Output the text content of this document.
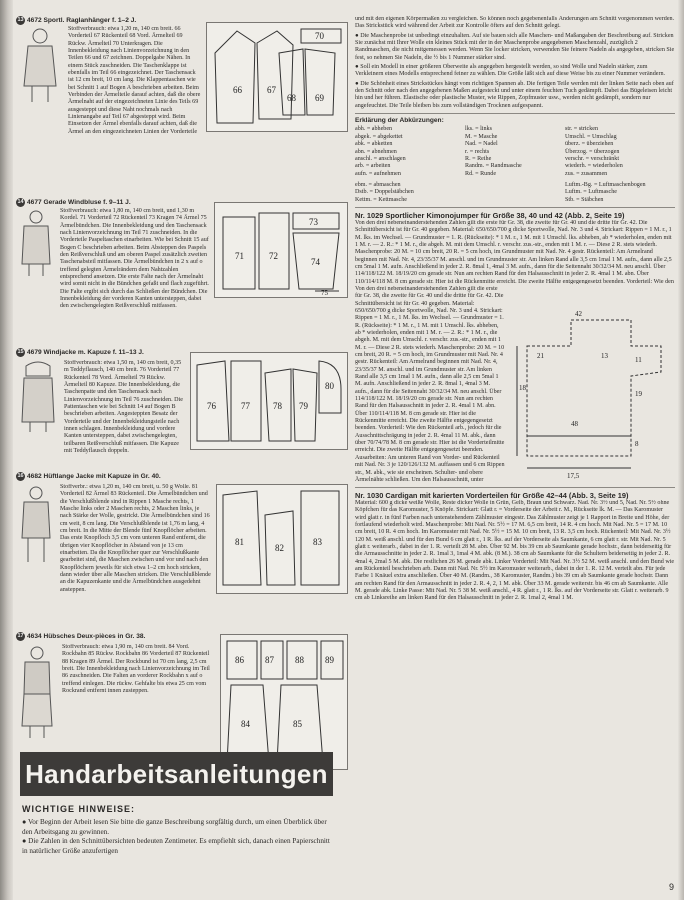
13 4672 Sportl. Raglanhänger f. 1–2 J.
Stoffverbrauch: etwa 1,20 m, 140 cm breit. 66 Vorderteil 67 Rückenteil 68 Vord. Ärmelteil 69 Rückw. Ärmelteil 70 Unterkragen. Die Innenbekleidung nach Linienvorzeichnung in den Teilen 66 und 67 zeichnen. Doppelgabe Nähen. In einem Stück zuschneiden. Die Taschenklappe ist ebenfalls im Teil 66 eingezeichnet. Der Taschensack ist 12 cm breit, 10 cm lang. Die Klappentaschen wie bei Schnitt 1 auf Bogen A beschrieben arbeiten. Beim Verbinden der Ärmelteile darauf achten, daß die obere Ärmelnaht auf der eingezeichneten Linie des Teils 69 ausgesteppt und diese Naht nochmals nach Linienangabe auf Teil 67 abgesteppt wird. Beim Einsetzen der Ärmel ebenfalls darauf achten, daß die Ärmel an den eingezeichneten Linien der Vorderteile
66	67
68 69
70
14 4677 Gerade Windbluse f. 9–11 J.
Stoffverbrauch: etwa 1,80 m, 140 cm breit, und 1,30 m Kordel. 71 Vorderteil 72 Rückenteil 73 Kragen 74 Ärmel 75 Ärmelbündchen. Die Innenbekleidung und den Taschensack nach Linienvorzeichnung im Teil 71 zuschneiden. In die Vorderteile Paspeltaschen einarbeiten. Wie bei Schnitt 15 auf Bogen C beschrieben arbeiten. Beim Absteppen des Paspels den Reißverschluß und am oberen Paspel zusätzlich zweiten Taschenabsteil mitfassen. Die Ärmelbündchen in 2 x auf o treffend gelegten Ärmelrändern dem Nahtzahlen entsprechend ansetzen. Die erste Falte nach der Ärmelnaht wird somit nicht in die Bündchen gefaßt und flach zugeführt. Die Falte ergibt sich durch das Schließen der Bündchen. Die Innenbekleidung der vorderen Kanten untersteppen, dabei den zwischengelegten Reißverschluß mitfassen.
71	72
73
74
75
15 4679 Windjacke m. Kapuze f. 11–13 J.
Stoffverbrauch: etwa 1,50 m, 140 cm breit, 0,35 m Teddyflausch, 140 cm breit. 76 Vorderteil 77 Rückenteil 78 Vord. Ärmelteil 79 Rückw. Ärmelteil 80 Kapuze. Die Innenbekleidung, die Taschenpatte und den Taschensack nach Linienvorzeichnung im Teil 76 zuschneiden. Die Pattentaschen wie bei Schnitt 14 auf Bogen B beschrieben arbeiten. Angesteppten Besatz der Vorderteile und der Innenbekleidungsteile nach innen schlagen. Innenbekleidung und vordere Kanten untersteppen, dabei zwischengelegten, teilbaren Reißverschluß mitfassen. Die Kapuze mit Teddyflausch doppeln.
76	77	78 79
80
16 4682 Hüftlange Jacke mit Kapuze in Gr. 40.
Stoffverbr.: etwa 1,20 m, 140 cm breit, u. 50 g Wolle. 81 Vorderteil 82 Ärmel 83 Rückenteil. Die Ärmelbündchen und die Verschlußblende sind in Rippen 1 Masche rechts, 1 Masche links oder 2 Maschen rechts, 2 Maschen links, je nach Stärke der Wolle, gestrickt. Die Ärmelbündchen sind 16 cm weit, 8 cm lang. Die Verschlußblende ist 1,76 m lang, 4 cm breit. In die Mitte der Blende fünf Knopflöcher arbeiten. Das erste Knopfloch 3,5 cm vom unteren Rand entfernt, die übrigen vier Knopflöcher in Abstand von je 13 cm einarbeiten. Da die Knopflöcher quer zur Verschlußkante gearbeitet sind, die Maschen zwischen und vor und nach den Knopflöchern jeweils für sich etwa 1–2 cm hoch stricken, dann wieder über alle Maschen stricken. Die Verschlußblende an die Kapuzenkante und die Ärmelbündchen ausgedehnt ansteppen.
81
82
83
17 4634 Hübsches Deux-pièces in Gr. 38.
Stoffverbrauch: etwa 1,90 m, 140 cm breit. 84 Vord. Rockbahn 85 Rückw. Rockbahn 86 Vorderteil 87 Rückenteil 88 Kragen 89 Ärmel. Der Rockbund ist 70 cm lang, 2,5 cm breit. Die Innenbekleidung nach Linienvorzeichnung im Teil 86 zuschneiden. Die Falten an vorderer Rockbahn x auf o treffend einlegen. Die rückw. Gehfalte bis etwa 25 cm vom Rockrand entfernt innen zusteppen.
86 87 88 89
84	85
Handarbeitsanleitungen
WICHTIGE HINWEISE:
● Vor Beginn der Arbeit lesen Sie bitte die ganze Beschreibung sorgfältig durch, um einen Überblick über den Arbeitsgang zu gewinnen.
● Die Zahlen in den Schnittübersichten bedeuten Zentimeter. Es empfiehlt sich, danach einen Papierschnitt in natürlicher Größe anzufertigen
und mit den eigenen Körpermaßen zu vergleichen. So können noch gegebenenfalls Änderungen am Schnitt vorgenommen werden. Das Strickstück wird während der Arbeit zur Kontrolle öfters auf den Schnitt gelegt.
● Die Maschenprobe ist unbedingt einzuhalten. Auf sie bauen sich alle Maschen- und Maßangaben der Beschreibung auf. Stricken Sie zunächst mit Ihrer Wolle ein kleines Stück mit der in der Maschenprobe angegebenen Maschenzahl, zuzüglich 2 Randmaschen, die nicht mitgemessen werden. Wenn Sie locker stricken, verwenden Sie feinere Nadeln als angegeben, stricken Sie fest, so nehmen Sie Nadeln, die ½ bis 1 Nummer stärker sind.
● Soll ein Modell in einer größeren Oberweite als angegeben hergestellt werden, so sind Wolle und Nadeln stärker, zum Verkleinern eines Modells entsprechend feiner zu wählen. Die Größe läßt sich auf diese Weise bis zu einer Nummer verändern.
● Die Schönheit eines Strickstückes hängt vom richtigen Spannen ab. Die fertigen Teile werden mit der linken Seite nach oben auf den Schnitt oder nach den angegebenen Maßen aufgesteckt und unter einem feuchten Tuch gedämpft. Dabei das Bügeleisen leicht hin und her führen. Elastische oder plastische Muster, wie Rippen, Zopfmuster usw., werden nicht gedämpft, sondern nur angefeuchtet. Die Teile bleiben bis zum vollständigen Trocknen aufgespannt.
Erklärung der Abkürzungen:
abh. = abheben	lks. = links	str. = stricken
abgek. = abgekettet	M. = Masche	Umschl. = Umschlag
abk. = abketten	Nad. = Nadel	überz. = überziehen
abn. = abnehmen	r. = rechts	Überzog. = überzogen
anschl. = anschlagen	R. = Reihe	verschr. = verschränkt
arb. = arbeiten	Randm. = Randmasche	wiederh. = wiederholen
aufn. = aufnehmen	Rd. = Runde	zus. = zusammen
ebm. = abmaschen	Luftm.-Bg. = Luftmaschenbogen
Dstb. = Doppelstäbchen	Luftm. = Luftmasche
Kettm. = Kettmasche	Stb. = Stäbchen
Nr. 1029 Sportlicher Kimonojumper für Größe 38, 40 und 42 (Abb. 2, Seite 19)
Von den drei nebeneinanderstehenden Zahlen gilt die erste für Gr. 38, die zweite für Gr. 40 und die dritte für Gr. 42. Die Schnittübersicht ist für Gr. 40 gegeben. Material: 650/650/700 g dicke Sportwolle, Nad. Nr. 3 und 4. Strickart: Rippen = 1 M. r., 1 M. lks. im Wechsel. — Grundmuster = 1. R. (Rückseite): * 1 M. r., 1 M. mit 1 Umschl. lks. abheben, ab * wiederholen, enden mit 1 M. r. — 2. R.: * 1 M. r., die abgeh. M. mit dem Umschl. r. verschr. zus.-str., enden mit 1 M. r. — Diese 2 R. stets wiederh. Maschenprobe: 20 M. = 10 cm breit, 20 R. = 5 cm hoch, im Grundmuster mit Nad. Nr. 4 gestr. Rückenteil: Am Armelrand beginnen mit Nad. Nr. 4, 23/35/37 M. anschl. und im Grundmuster str. Am linken Rand alle 3,5 cm 1mal 1 M. aufn., dann alle 2,5 cm 5mal 1 M. aufn. Anschließend in jeder 2. R. 8mal 1, 4mal 3 M. aufn., dann für die Seitennaht 30/32/34 M. neu anschl. Über 114/118/122 M. 18/19/20 cm gerade str. Nun am rechten Rand für den Halsausschnitt in jeder 2. R. 4mal 1 M. abn. Über 110/114/118 M. 8 cm gerade str. Hier ist die Rückenmitte erreicht. Die zweite Hälfte entgegengesetzt beenden. Vorderteil: Wie den
Von den drei nebeneinanderstehenden Zahlen gilt die erste für Gr. 38, die zweite für Gr. 40 und die dritte für Gr. 42. Die Schnittübersicht ist für Gr. 40 gegeben. Material: 650/650/700 g dicke Sportwolle, Nad. Nr. 3 und 4. Strickart: Rippen = 1 M. r., 1 M. lks. im Wechsel. — Grundmuster = 1. R. (Rückseite): * 1 M. r., 1 M. mit 1 Umschl. lks. abheben, ab * wiederholen, enden mit 1 M. r. — 2. R.: * 1 M. r., die abgeh. M. mit dem Umschl. r. verschr. zus.-str., enden mit 1 M. r. — Diese 2 R. stets wiederh. Maschenprobe: 20 M. = 10 cm breit, 20 R. = 5 cm hoch, im Grundmuster mit Nad. Nr. 4 gestr. Rückenteil: Am Armelrand beginnen mit Nad. Nr. 4, 23/35/37 M. anschl. und im Grundmuster str. Am linken Rand alle 3,5 cm 1mal 1 M. aufn., dann alle 2,5 cm 5mal 1 M. aufn. Anschließend in jeder 2. R. 8mal 1, 4mal 3 M. aufn., dann für die Seitennaht 30/32/34 M. neu anschl. Über 114/118/122 M. 18/19/20 cm gerade str. Nun am rechten Rand für den Halsausschnitt in jeder 2. R. 4mal 1 M. abn. Über 110/114/118 M. 8 cm gerade str. Hier ist die Rückenmitte erreicht. Die zweite Hälfte entgegengesetzt beenden. Vorderteil: Wie den Rückenteil arb., jedoch für die Ausschnittschrägung in jeder 2. R. 4mal 11 M. abk., dann über 70/74/78 M. 8 cm gerade str. Hier ist die Vorderteilmitte erreicht. Die zweite Hälfte entgegengesetzt beenden. Ausarbeiten: Am unteren Rand von Vorder- und Rückenteil mit Nad. Nr. 3 je 120/126/132 M. auffassen und 6 cm Rippen str., M. abk., wie sie erscheinen. Schulter- und obere Ärmelnähte schließen. Um den Halsausschnitt, unter
42
18
19
11
21	13
17,5
48
8
Nr. 1030 Cardigan mit karierten Vorderteilen für Größe 42–44 (Abb. 3, Seite 19)
Material: 600 g dicke weiße Wolle, Reste dicker Wolle in Grün, Gelb, Braun und Schwarz. Nad. Nr. 3½ und 5, Nad. Nr. 5½ ohne Köpfchen für das Karomuster, 5 Knöpfe. Strickart: Glatt r. = Vorderseite der Arbeit r. M., Rückseite lk. M. — Das Karomuster wird glatt r. in fünf Farben nach untenstehendem Zählmuster eingestr. Das Zählmuster zeigt je 1 Rapport in Breite und Höhe, der fortlaufend wiederholt wird. Maschenprobe: Mit Nad. Nr. 5½ = 17 M. 6,5 cm breit, 14 R. 4 cm hoch. Mit Nad. Nr. 5 = 17 M. 10 cm breit, 10 R. 4 cm hoch. Im Karomuster mit Nad. Nr. 5½ = 15 M. 10 cm breit, 13 R. 3,5 cm hoch. Rückenteil: Mit Nad. Nr. 3½ 120 M. weiß anschl. und für den Bund 6 cm glatt r., 1 R. lks. auf der Vorderseite als Saumkante, 6 cm glatt r. str. Mit Nad. Nr. 5 glatt r. weiterarb., dabei in der 1. R. verteilt 28 M. abn. Über 92 M. bis 39 cm ab Saumkante gerade hochstr., dann beiderseitig für die Armausschnitte in jeder 2. R. 1mal 3, 1mal 4 M. abk. (8 M.). 38 cm ab Saumkante für die Schultern beiderseitig in jeder 2. R. 4mal 4, 2mal 5 M. abk. Die restlichen 26 M. gerade abk. Linker Vorderteil: Mit Nad. Nr. 3½ 52 M. weiß anschl. und den Bund wie am Rückenteil beschrieben arb. Dann mit Nad. Nr. 5½ im Karomuster weiterarb., dabei in der 1. R. 12 M. verteilt abn. Für jede Farbe 1 Knäuel extra anschließen. Über 40 M. (Randm., 38 Karomuster, Randm.) bis 39 cm ab Saumkante gerade hochstr. Dann am rechten Rand für den Armausschnitt in jeder 2. R. 4, 2, 1 M. abk. Über 33 M. gerade weiterstr. bis 46 cm ab Saumkante. Alle M. gerade abk. Linke Passe: Mit Nad. Nr. 5 38 M. weiß anschl., 4 R. glatt r., 1 R. lks. auf der Vorderseite str. Glatt r. weiterarb. 9 cm ab Linksreihe am linken Rand für den Halsausschnitt in jeder 2. R. 1mal 2, 4mal 1 M.
9
